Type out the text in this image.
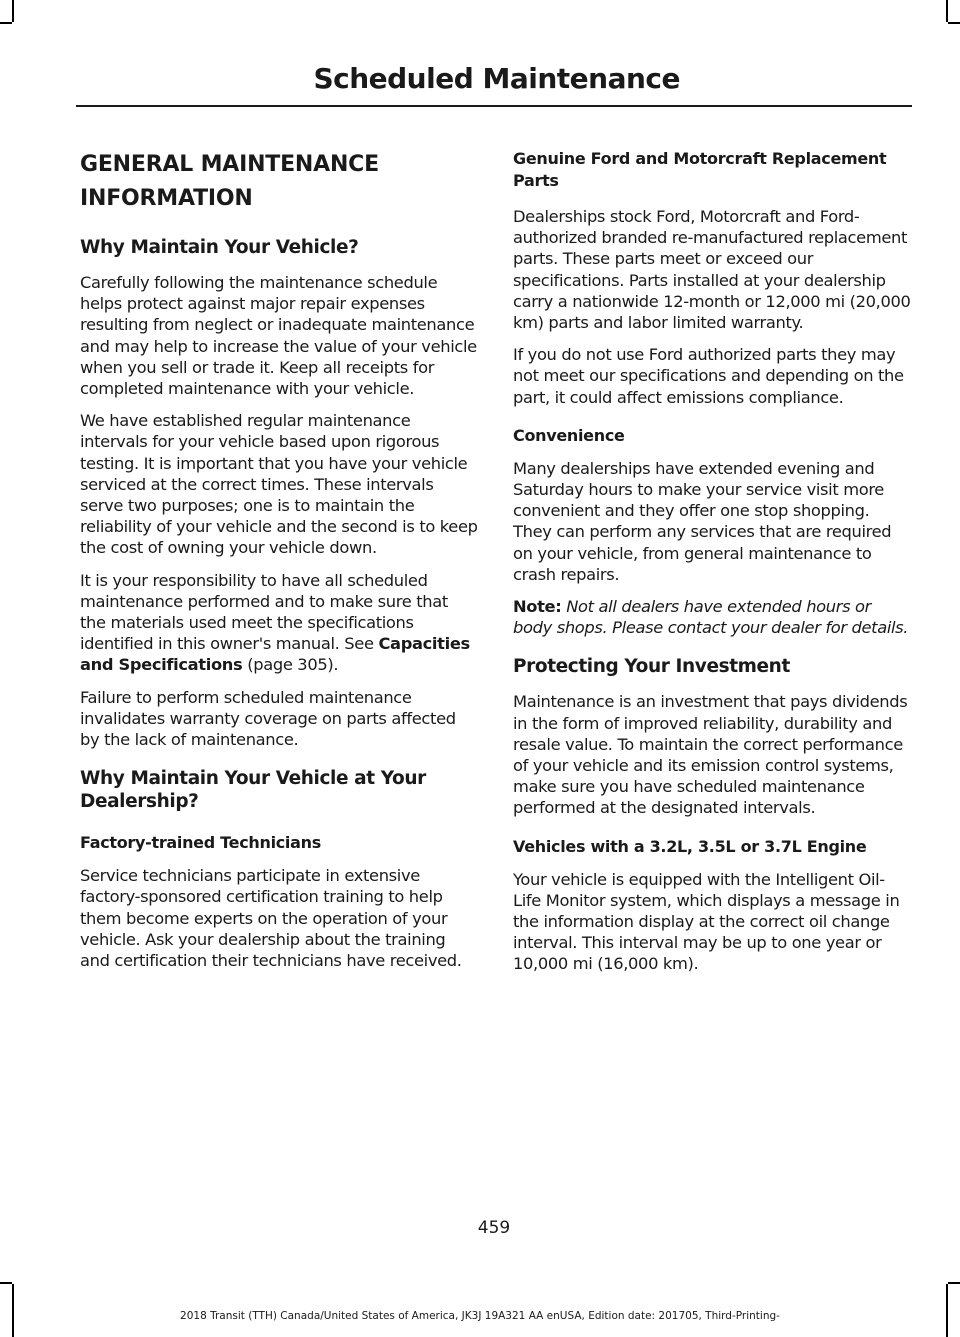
Scheduled Maintenance
GENERAL MAINTENANCE
INFORMATION
Why Maintain Your Vehicle?

Carefully following the maintenance schedule helps protect against major repair expenses resulting from neglect or inadequate maintenance and may help to increase the value of your vehicle when you sell or trade it. Keep all receipts for completed maintenance with your vehicle.

We have established regular maintenance intervals for your vehicle based upon rigorous testing. It is important that you have your vehicle serviced at the correct times. These intervals serve two purposes; one is to maintain the reliability of your vehicle and the second is to keep the cost of owning your vehicle down.

It is your responsibility to have all scheduled maintenance performed and to make sure that the materials used meet the specifications identified in this owner's manual. See Capacities and Specifications (page 305).

Failure to perform scheduled maintenance invalidates warranty coverage on parts affected by the lack of maintenance.

Why Maintain Your Vehicle at Your Dealership?
Factory-trained Technicians

Service technicians participate in extensive factory-sponsored certification training to help them become experts on the operation of your vehicle. Ask your dealership about the training and certification their technicians have received.

Genuine Ford and Motorcraft Replacement Parts

Dealerships stock Ford, Motorcraft and Ford-authorized branded re-manufactured replacement parts. These parts meet or exceed our specifications. Parts installed at your dealership carry a nationwide 12-month or 12,000 mi (20,000 km) parts and labor limited warranty.

If you do not use Ford authorized parts they may not meet our specifications and depending on the part, it could affect emissions compliance.

Convenience

Many dealerships have extended evening and Saturday hours to make your service visit more convenient and they offer one stop shopping. They can perform any services that are required on your vehicle, from general maintenance to crash repairs.

Note: Not all dealers have extended hours or body shops. Please contact your dealer for details.

Protecting Your Investment

Maintenance is an investment that pays dividends in the form of improved reliability, durability and resale value. To maintain the correct performance of your vehicle and its emission control systems, make sure you have scheduled maintenance performed at the designated intervals.

Vehicles with a 3.2L, 3.5L or 3.7L Engine

Your vehicle is equipped with the Intelligent Oil-Life Monitor system, which displays a message in the information display at the correct oil change interval. This interval may be up to one year or 10,000 mi (16,000 km).

459
2018 Transit (TTH) Canada/United States of America, JK3J 19A321 AA enUSA, Edition date: 201705, Third-Printing-
